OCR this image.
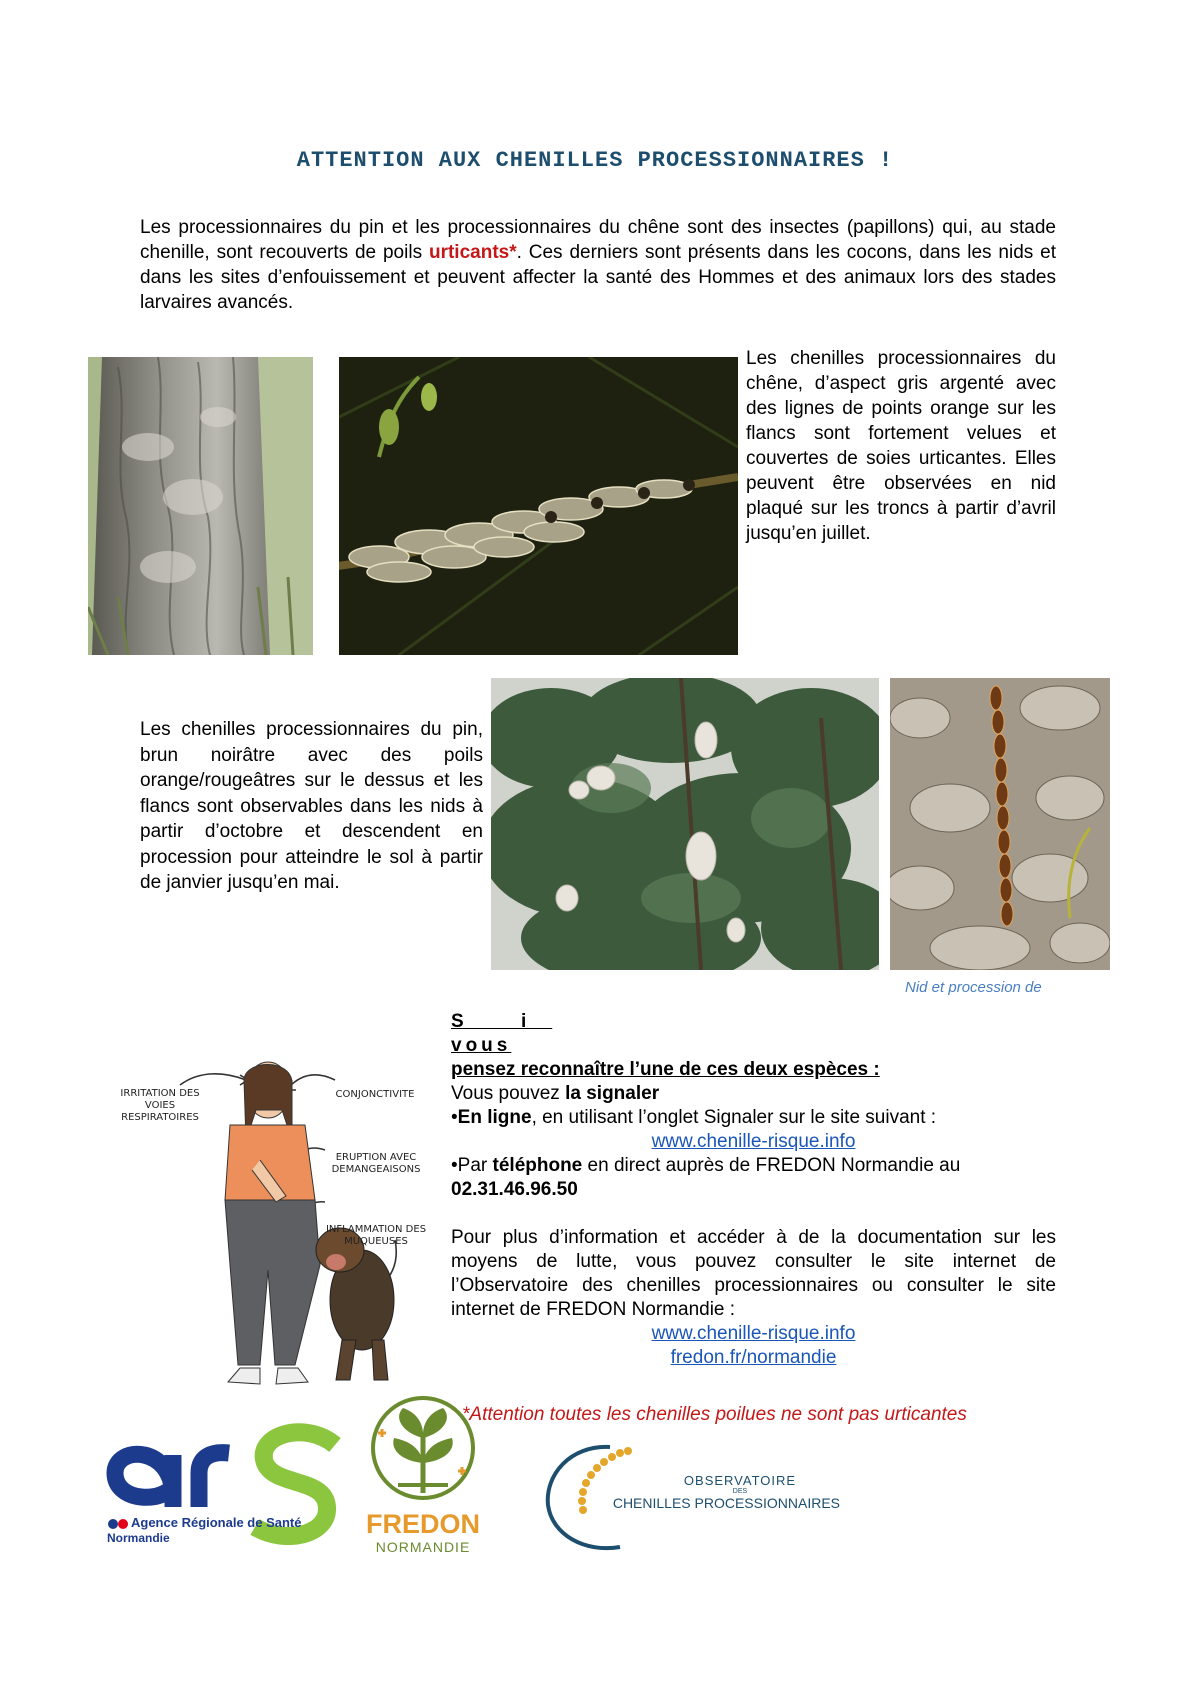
ATTENTION AUX CHENILLES PROCESSIONNAIRES !
Les processionnaires du pin et les processionnaires du chêne sont des insectes (papillons) qui, au stade chenille, sont recouverts de poils urticants*. Ces derniers sont présents dans les cocons, dans les nids et dans les sites d’enfouissement et peuvent affecter la santé des Hommes et des animaux lors des stades larvaires avancés.
Les chenilles processionnaires du chêne, d’aspect gris argenté avec des lignes de points orange sur les flancs sont fortement velues et couvertes de soies urticantes. Elles peuvent être observées en nid plaqué sur les troncs à partir d’avril jusqu’en juillet.
Les chenilles processionnaires du pin, brun noirâtre avec des poils orange/rougeâtres sur le dessus et les flancs sont observables dans les nids à partir d’octobre et descendent en procession pour atteindre le sol à partir de janvier jusqu’en mai.
Nid et procession de
IRRITATION DES VOIES RESPIRATOIRES
CONJONCTIVITE
ERUPTION AVEC DEMANGEAISONS
INFLAMMATION DES MUQUEUSES
S i
vous
pensez reconnaître l’une de ces deux espèces :
Vous pouvez la signaler
•En ligne, en utilisant l’onglet Signaler sur le site suivant :
www.chenille-risque.info
•Par téléphone en direct auprès de FREDON Normandie au
02.31.46.96.50
Pour plus d’information et accéder à de la documentation sur les moyens de lutte, vous pouvez consulter le site internet de l’Observatoire des chenilles processionnaires ou consulter le site internet de FREDON Normandie :
www.chenille-risque.info
fredon.fr/normandie
*Attention toutes les chenilles poilues ne sont pas urticantes
Agence Régionale de Santé
Normandie	FREDON
NORMANDIE
OBSERVATOIRE
DES
CHENILLES PROCESSIONNAIRES
